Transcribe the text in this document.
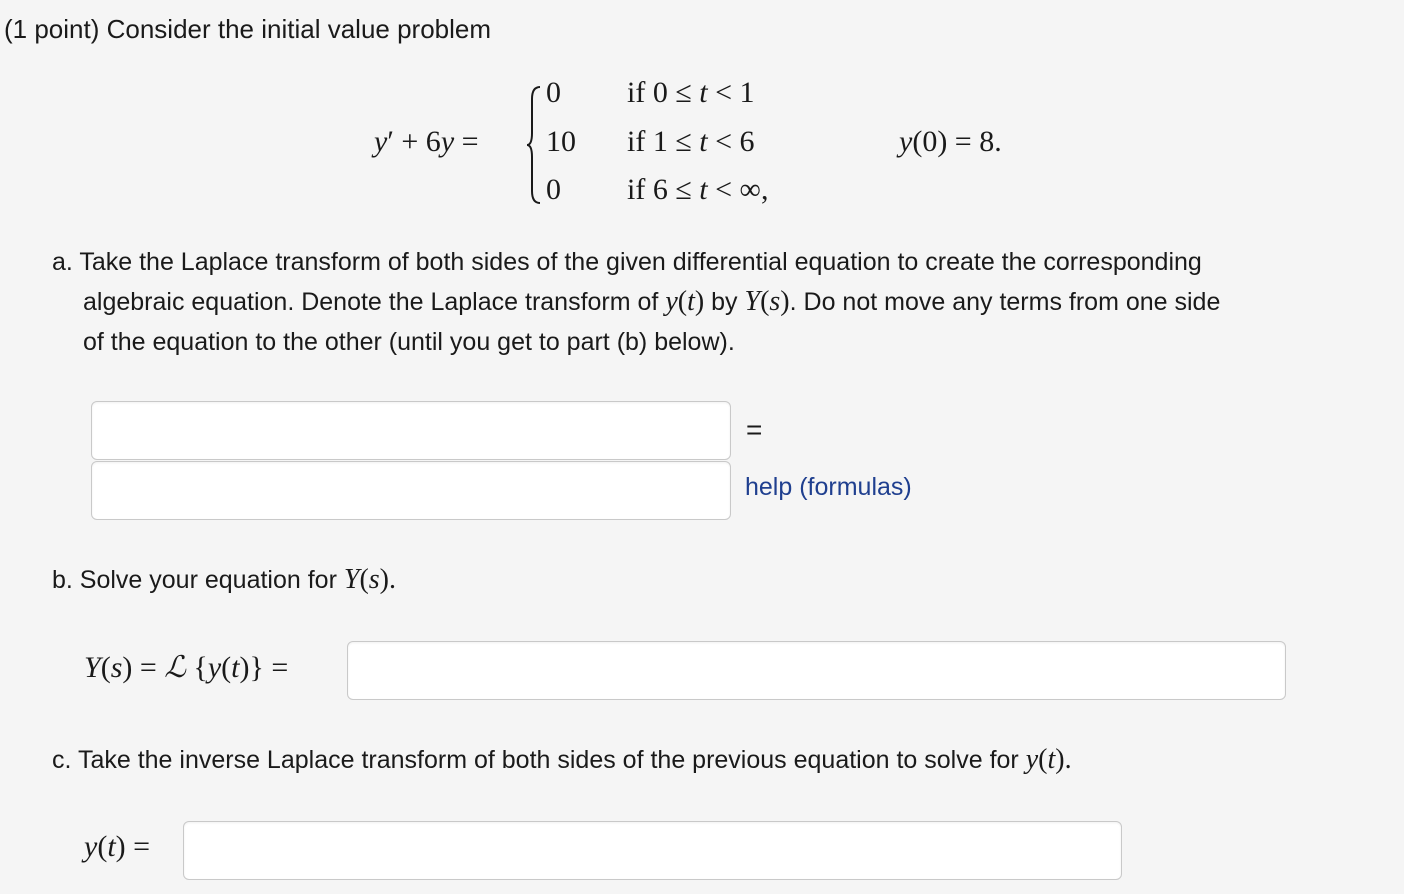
(1 point) Consider the initial value problem
y′ + 6y =
0
10
0
if 0 ≤ t < 1
if 1 ≤ t < 6
if 6 ≤ t < ∞,
y(0) = 8.
a. Take the Laplace transform of both sides of the given differential equation to create the corresponding
algebraic equation. Denote the Laplace transform of y(t) by Y(s). Do not move any terms from one side
of the equation to the other (until you get to part (b) below).
=
help (formulas)
b. Solve your equation for Y(s).
Y(s) = ℒ {y(t)} =
c. Take the inverse Laplace transform of both sides of the previous equation to solve for y(t).
y(t) =
